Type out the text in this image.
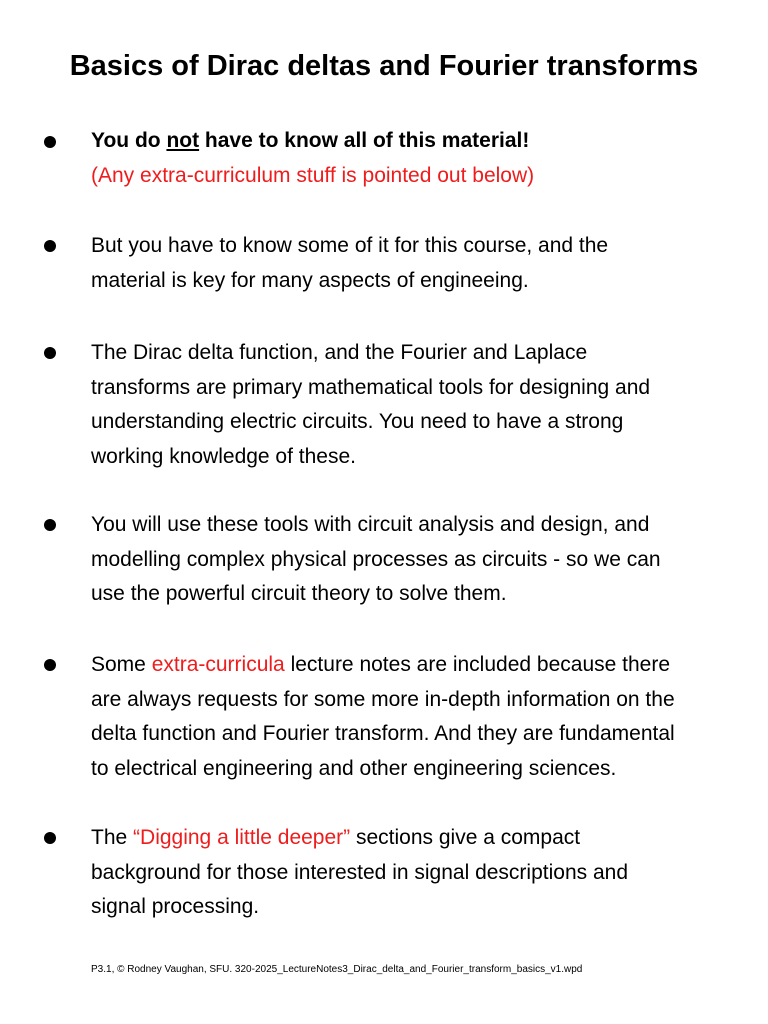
Basics of Dirac deltas and Fourier transforms
You do not have to know all of this material!
(Any extra-curriculum stuff is pointed out below)
But you have to know some of it for this course, and the
material is key for many aspects of engineeing.
The Dirac delta function, and the Fourier and Laplace
transforms are primary mathematical tools for designing and
understanding electric circuits. You need to have a strong
working knowledge of these.
You will use these tools with circuit analysis and design, and
modelling complex physical processes as circuits - so we can
use the powerful circuit theory to solve them.
Some extra-curricula lecture notes are included because there
are always requests for some more in-depth information on the
delta function and Fourier transform. And they are fundamental
to electrical engineering and other engineering sciences.
The “Digging a little deeper” sections give a compact
background for those interested in signal descriptions and
signal processing.
P3.1, © Rodney Vaughan, SFU. 320-2025_LectureNotes3_Dirac_delta_and_Fourier_transform_basics_v1.wpd
